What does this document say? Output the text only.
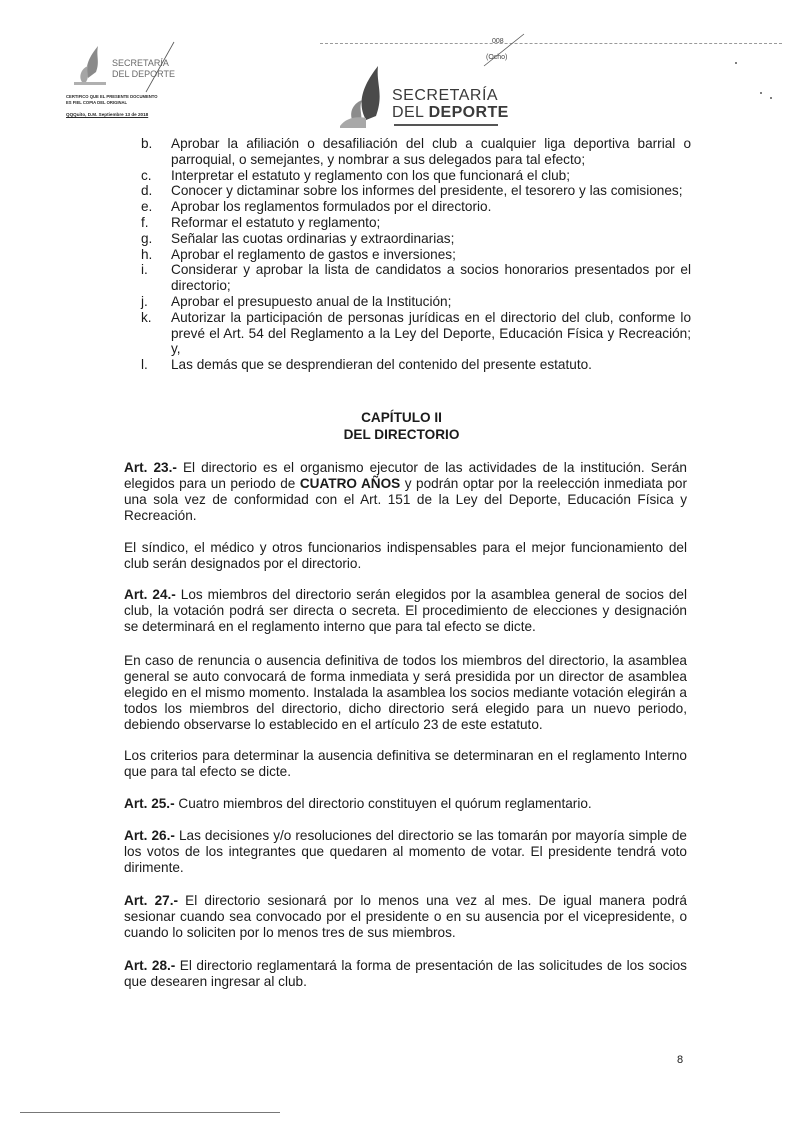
SECRETARÍA
DEL DEPORTE
CERTIFICO QUE EL PRESENTE DOCUMENTO ES FIEL COPIA DEL ORIGINAL
QQQuito, D.M. Septiembre 13 de 2018
008
(Ocho)
SECRETARÍA
DEL DEPORTE
b.	Aprobar la afiliación o desafiliación del club a cualquier liga deportiva barrial o parroquial, o semejantes, y nombrar a sus delegados para tal efecto;
c.	Interpretar el estatuto y reglamento con los que funcionará el club;
d.	Conocer y dictaminar sobre los informes del presidente, el tesorero y las comisiones;
e.	Aprobar los reglamentos formulados por el directorio.
f.	Reformar el estatuto y reglamento;
g.	Señalar las cuotas ordinarias y extraordinarias;
h.	Aprobar el reglamento de gastos e inversiones;
i.	Considerar y aprobar la lista de candidatos a socios honorarios presentados por el directorio;
j.	Aprobar el presupuesto anual de la Institución;
k.	Autorizar la participación de personas jurídicas en el directorio del club, conforme lo prevé el Art. 54 del Reglamento a la Ley del Deporte, Educación Física y Recreación; y,
l.	Las demás que se desprendieran del contenido del presente estatuto.
CAPÍTULO II
DEL DIRECTORIO

Art. 23.- El directorio es el organismo ejecutor de las actividades de la institución. Serán elegidos para un periodo de CUATRO AÑOS y podrán optar por la reelección inmediata por una sola vez de conformidad con el Art. 151 de la Ley del Deporte, Educación Física y Recreación.

El síndico, el médico y otros funcionarios indispensables para el mejor funcionamiento del club serán designados por el directorio.

Art. 24.- Los miembros del directorio serán elegidos por la asamblea general de socios del club, la votación podrá ser directa o secreta. El procedimiento de elecciones y designación se determinará en el reglamento interno que para tal efecto se dicte.

En caso de renuncia o ausencia definitiva de todos los miembros del directorio, la asamblea general se auto convocará de forma inmediata y será presidida por un director de asamblea elegido en el mismo momento. Instalada la asamblea los socios mediante votación elegirán a todos los miembros del directorio, dicho directorio será elegido para un nuevo periodo, debiendo observarse lo establecido en el artículo 23 de este estatuto.

Los criterios para determinar la ausencia definitiva se determinaran en el reglamento Interno que para tal efecto se dicte.

Art. 25.- Cuatro miembros del directorio constituyen el quórum reglamentario.

Art. 26.- Las decisiones y/o resoluciones del directorio se las tomarán por mayoría simple de los votos de los integrantes que quedaren al momento de votar. El presidente tendrá voto dirimente.

Art. 27.- El directorio sesionará por lo menos una vez al mes. De igual manera podrá sesionar cuando sea convocado por el presidente o en su ausencia por el vicepresidente, o cuando lo soliciten por lo menos tres de sus miembros.

Art. 28.- El directorio reglamentará la forma de presentación de las solicitudes de los socios que desearen ingresar al club.

8
